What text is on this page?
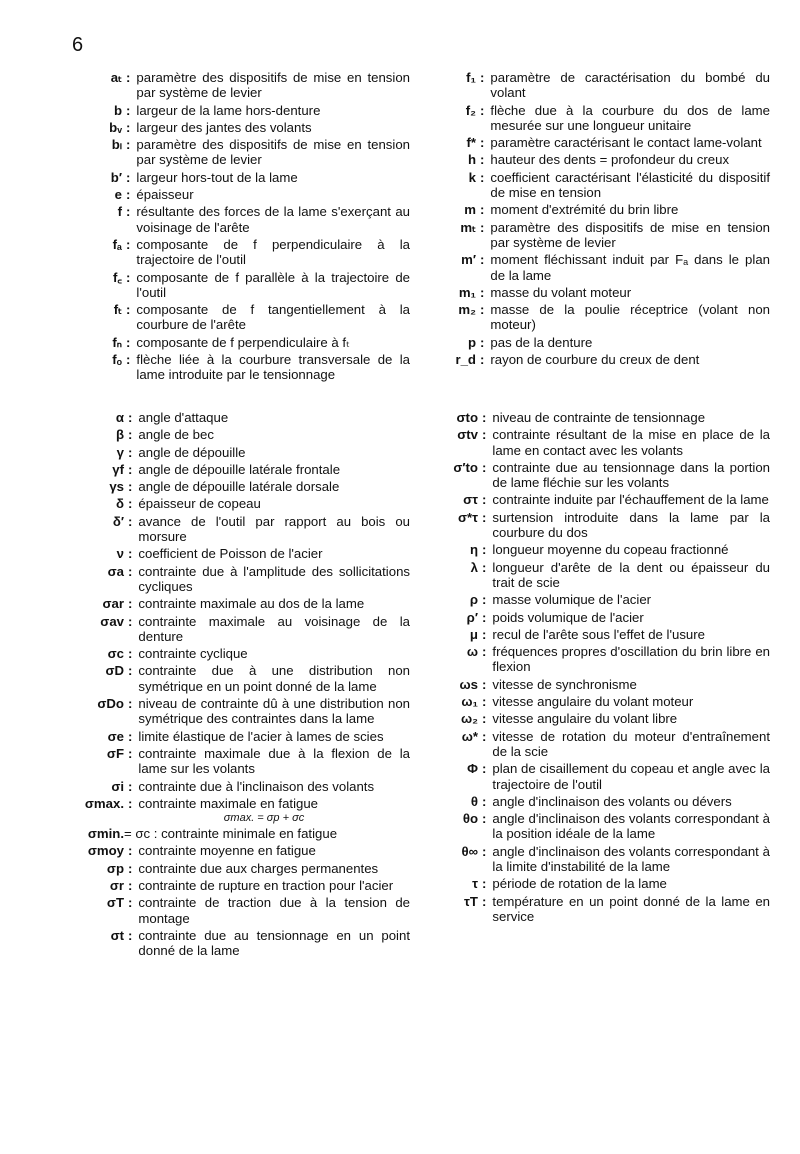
6
aₜ : paramètre des dispositifs de mise en tension par système de levier
b : largeur de la lame hors-denture
bᵥ : largeur des jantes des volants
bₗ : paramètre des dispositifs de mise en tension par système de levier
b′ : largeur hors-tout de la lame
e : épaisseur
f : résultante des forces de la lame s'exerçant au voisinage de l'arête
fₐ : composante de f perpendiculaire à la trajectoire de l'outil
f꜀ : composante de f parallèle à la trajectoire de l'outil
fₜ : composante de f tangentiellement à la courbure de l'arête
fₙ : composante de f perpendiculaire à fₜ
fₒ : flèche liée à la courbure transversale de la lame introduite par le tensionnage
f₁ : paramètre de caractérisation du bombé du volant
f₂ : flèche due à la courbure du dos de lame mesurée sur une longueur unitaire
f* : paramètre caractérisant le contact lame-volant
h : hauteur des dents = profondeur du creux
k : coefficient caractérisant l'élasticité du dispositif de mise en tension
m : moment d'extrémité du brin libre
mₜ : paramètre des dispositifs de mise en tension par système de levier
m′ : moment fléchissant induit par Fₐ dans le plan de la lame
m₁ : masse du volant moteur
m₂ : masse de la poulie réceptrice (volant non moteur)
p : pas de la denture
r_d : rayon de courbure du creux de dent
α : angle d'attaque
β : angle de bec
γ : angle de dépouille
γf : angle de dépouille latérale frontale
γs : angle de dépouille latérale dorsale
δ : épaisseur de copeau
δ′ : avance de l'outil par rapport au bois ou morsure
ν : coefficient de Poisson de l'acier
σa : contrainte due à l'amplitude des sollicitations cycliques
σar : contrainte maximale au dos de la lame
σav : contrainte maximale au voisinage de la denture
σc : contrainte cyclique
σD : contrainte due à une distribution non symétrique en un point donné de la lame
σDo : niveau de contrainte dû à une distribution non symétrique des contraintes dans la lame
σe : limite élastique de l'acier à lames de scies
σF : contrainte maximale due à la flexion de la lame sur les volants
σi : contrainte due à l'inclinaison des volants
σmax. : contrainte maximale en fatigue
σmax. = σp + σc
σmin. = σc : contrainte minimale en fatigue
σmoy : contrainte moyenne en fatigue
σp : contrainte due aux charges permanentes
σr : contrainte de rupture en traction pour l'acier
σT : contrainte de traction due à la tension de montage
σt : contrainte due au tensionnage en un point donné de la lame
σto : niveau de contrainte de tensionnage
σtv : contrainte résultant de la mise en place de la lame en contact avec les volants
σ′to : contrainte due au tensionnage dans la portion de lame fléchie sur les volants
στ : contrainte induite par l'échauffement de la lame
σ*τ : surtension introduite dans la lame par la courbure du dos
η : longueur moyenne du copeau fractionné
λ : longueur d'arête de la dent ou épaisseur du trait de scie
ρ : masse volumique de l'acier
ρ′ : poids volumique de l'acier
μ : recul de l'arête sous l'effet de l'usure
ω : fréquences propres d'oscillation du brin libre en flexion
ωs : vitesse de synchronisme
ω₁ : vitesse angulaire du volant moteur
ω₂ : vitesse angulaire du volant libre
ω* : vitesse de rotation du moteur d'entraînement de la scie
Φ : plan de cisaillement du copeau et angle avec la trajectoire de l'outil
θ : angle d'inclinaison des volants ou dévers
θo : angle d'inclinaison des volants correspondant à la position idéale de la lame
θ∞ : angle d'inclinaison des volants correspondant à la limite d'instabilité de la lame
τ : période de rotation de la lame
τT : température en un point donné de la lame en service
